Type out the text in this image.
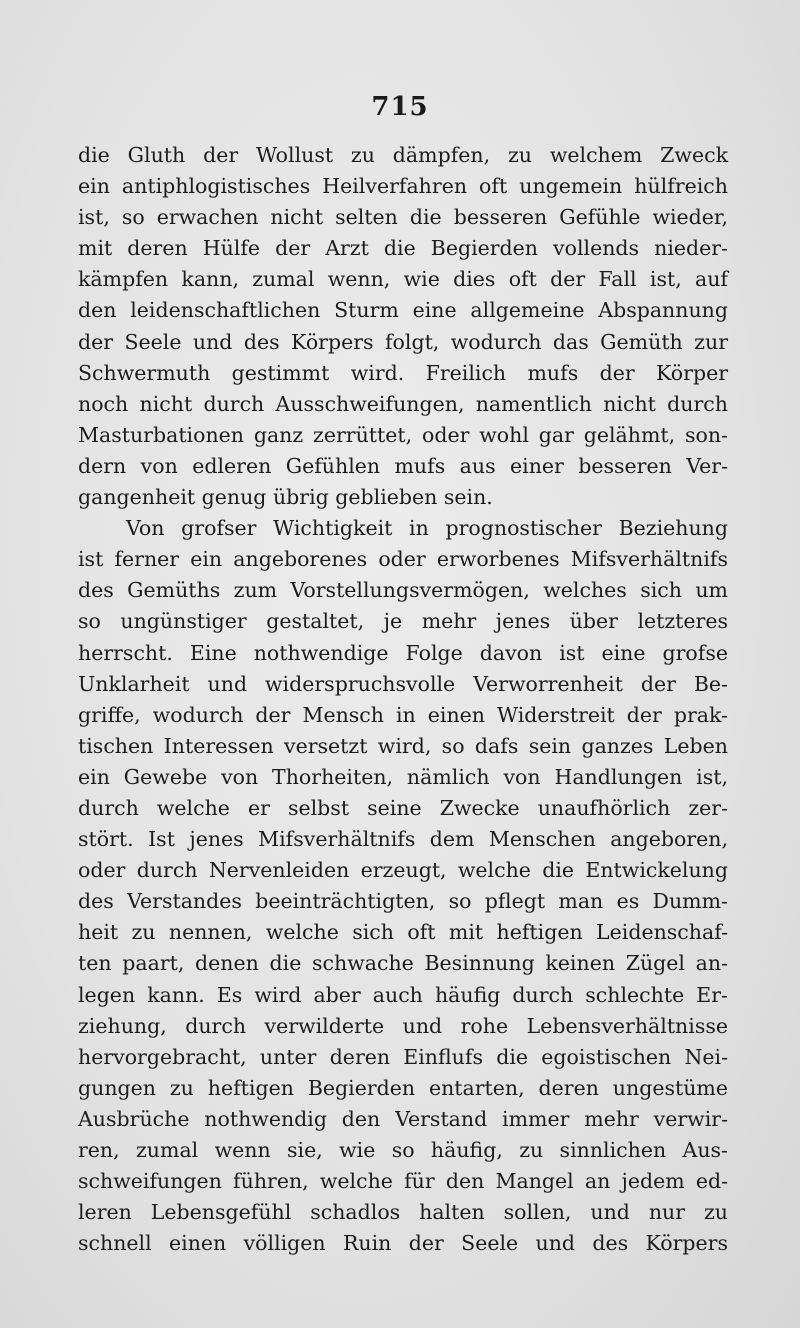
715
die Gluth der Wollust zu dämpfen, zu welchem Zweck
ein antiphlogistisches Heilverfahren oft ungemein hülfreich
ist, so erwachen nicht selten die besseren Gefühle wieder,
mit deren Hülfe der Arzt die Begierden vollends nieder-
kämpfen kann, zumal wenn, wie dies oft der Fall ist, auf
den leidenschaftlichen Sturm eine allgemeine Abspannung
der Seele und des Körpers folgt, wodurch das Gemüth zur
Schwermuth gestimmt wird. Freilich mufs der Körper
noch nicht durch Ausschweifungen, namentlich nicht durch
Masturbationen ganz zerrüttet, oder wohl gar gelähmt, son-
dern von edleren Gefühlen mufs aus einer besseren Ver-
gangenheit genug übrig geblieben sein.
Von grofser Wichtigkeit in prognostischer Beziehung
ist ferner ein angeborenes oder erworbenes Mifsverhältnifs
des Gemüths zum Vorstellungsvermögen, welches sich um
so ungünstiger gestaltet, je mehr jenes über letzteres
herrscht. Eine nothwendige Folge davon ist eine grofse
Unklarheit und widerspruchsvolle Verworrenheit der Be-
griffe, wodurch der Mensch in einen Widerstreit der prak-
tischen Interessen versetzt wird, so dafs sein ganzes Leben
ein Gewebe von Thorheiten, nämlich von Handlungen ist,
durch welche er selbst seine Zwecke unaufhörlich zer-
stört. Ist jenes Mifsverhältnifs dem Menschen angeboren,
oder durch Nervenleiden erzeugt, welche die Entwickelung
des Verstandes beeinträchtigten, so pflegt man es Dumm-
heit zu nennen, welche sich oft mit heftigen Leidenschaf-
ten paart, denen die schwache Besinnung keinen Zügel an-
legen kann. Es wird aber auch häufig durch schlechte Er-
ziehung, durch verwilderte und rohe Lebensverhältnisse
hervorgebracht, unter deren Einflufs die egoistischen Nei-
gungen zu heftigen Begierden entarten, deren ungestüme
Ausbrüche nothwendig den Verstand immer mehr verwir-
ren, zumal wenn sie, wie so häufig, zu sinnlichen Aus-
schweifungen führen, welche für den Mangel an jedem ed-
leren Lebensgefühl schadlos halten sollen, und nur zu
schnell einen völligen Ruin der Seele und des Körpers
